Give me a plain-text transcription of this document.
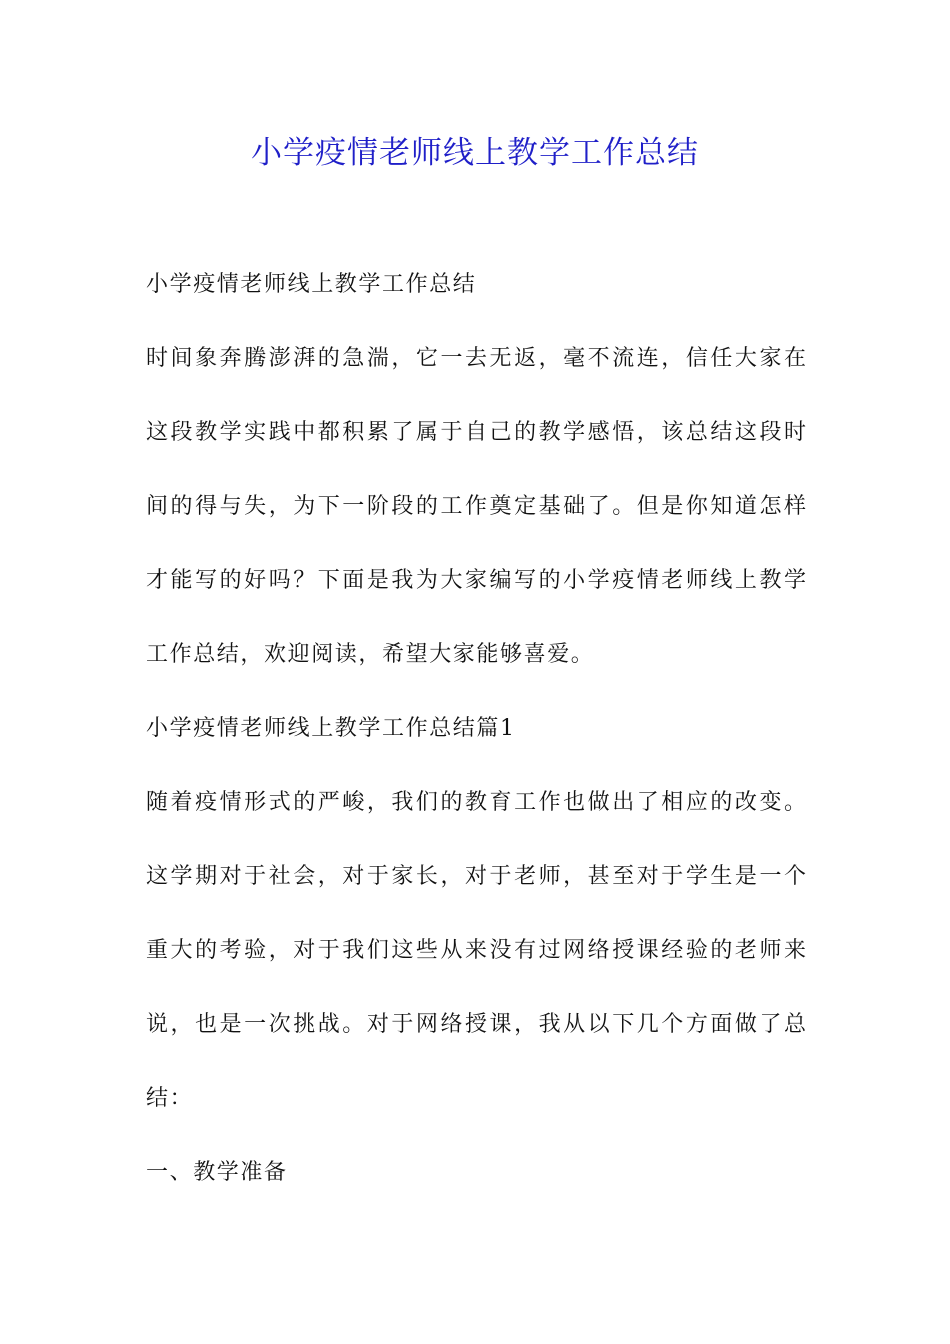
小学疫情老师线上教学工作总结
小学疫情老师线上教学工作总结
时间象奔腾澎湃的急湍，它一去无返，毫不流连，信任大家在
这段教学实践中都积累了属于自己的教学感悟，该总结这段时
间的得与失，为下一阶段的工作奠定基础了。但是你知道怎样
才能写的好吗？下面是我为大家编写的小学疫情老师线上教学
工作总结，欢迎阅读，希望大家能够喜爱。
小学疫情老师线上教学工作总结篇1
随着疫情形式的严峻，我们的教育工作也做出了相应的改变。
这学期对于社会，对于家长，对于老师，甚至对于学生是一个
重大的考验，对于我们这些从来没有过网络授课经验的老师来
说，也是一次挑战。对于网络授课，我从以下几个方面做了总
结：
一、教学准备
